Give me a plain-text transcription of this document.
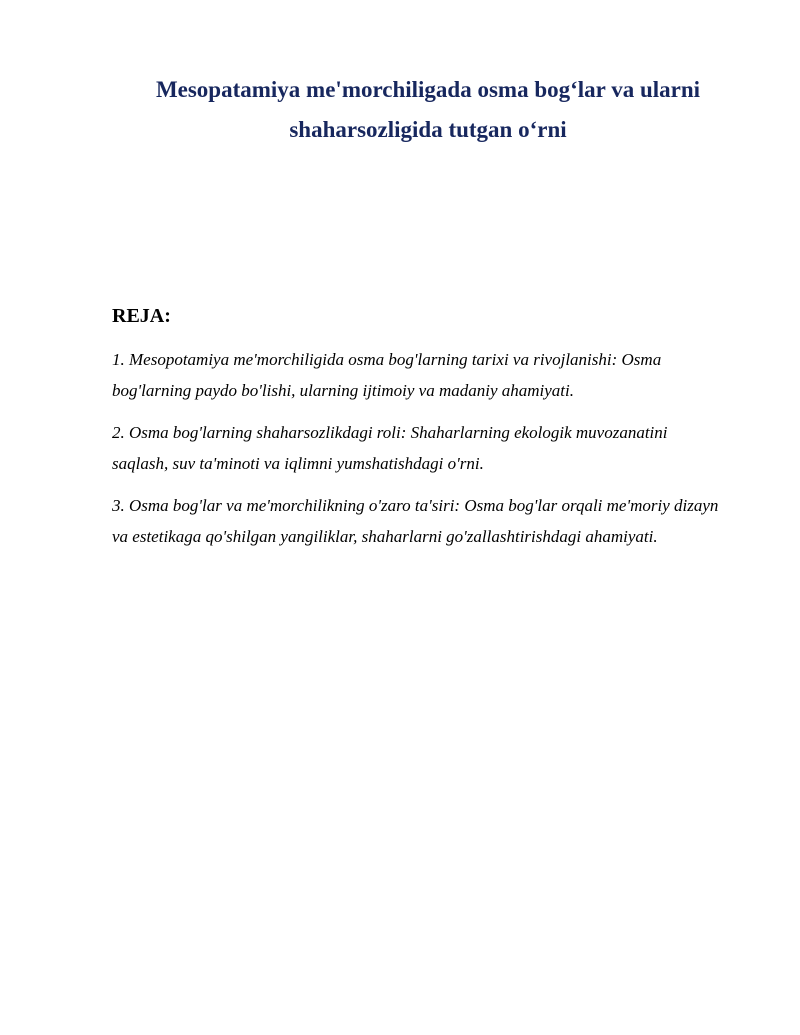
Mesopatamiya me'morchiligada osma bog‘lar va ularni
shaharsozligida tutgan o‘rni
REJA:
1. Mesopotamiya me'morchiligida osma bog'larning tarixi va rivojlanishi: Osma bog'larning paydo bo'lishi, ularning ijtimoiy va madaniy ahamiyati.
2. Osma bog'larning shaharsozlikdagi roli: Shaharlarning ekologik muvozanatini saqlash, suv ta'minoti va iqlimni yumshatishdagi o'rni.
3. Osma bog'lar va me'morchilikning o'zaro ta'siri: Osma bog'lar orqali me'moriy dizayn va estetikaga qo'shilgan yangiliklar, shaharlarni go'zallashtirishdagi ahamiyati.
